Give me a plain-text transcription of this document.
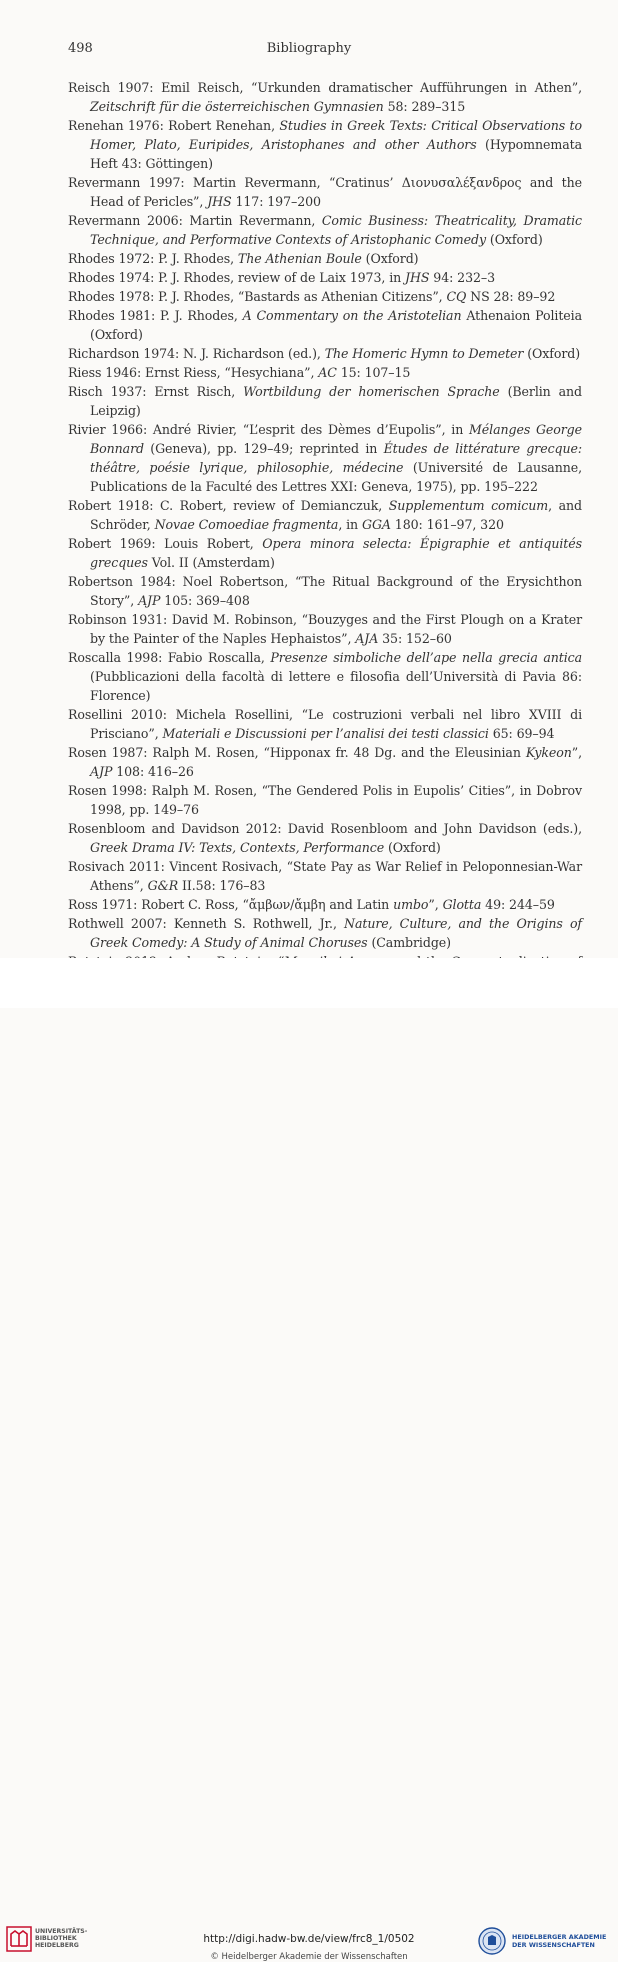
498	Bibliography

Reisch 1907: Emil Reisch, “Urkunden dramatischer Aufführungen in Athen”, Zeitschrift für die österreichischen Gymnasien 58: 289–315

Renehan 1976: Robert Renehan, Studies in Greek Texts: Critical Observations to Homer, Plato, Euripides, Aristophanes and other Authors (Hypomnemata Heft 43: Göttingen)

Revermann 1997: Martin Revermann, “Cratinus’ Διονυσαλέξανδρος and the Head of Pericles”, JHS 117: 197–200

Revermann 2006: Martin Revermann, Comic Business: Theatricality, Dramatic Technique, and Performative Contexts of Aristophanic Comedy (Oxford)

Rhodes 1972: P. J. Rhodes, The Athenian Boule (Oxford)

Rhodes 1974: P. J. Rhodes, review of de Laix 1973, in JHS 94: 232–3

Rhodes 1978: P. J. Rhodes, “Bastards as Athenian Citizens”, CQ NS 28: 89–92

Rhodes 1981: P. J. Rhodes, A Commentary on the Aristotelian Athenaion Politeia (Oxford)

Richardson 1974: N. J. Richardson (ed.), The Homeric Hymn to Demeter (Oxford)

Riess 1946: Ernst Riess, “Hesychiana”, AC 15: 107–15

Risch 1937: Ernst Risch, Wortbildung der homerischen Sprache (Berlin and Leipzig)

Rivier 1966: André Rivier, “L’esprit des Dèmes d’Eupolis”, in Mélanges George Bonnard (Geneva), pp. 129–49; reprinted in Études de littérature grecque: théâtre, poésie lyrique, philosophie, médecine (Université de Lausanne, Publications de la Faculté des Lettres XXI: Geneva, 1975), pp. 195–222

Robert 1918: C. Robert, review of Demianczuk, Supplementum comicum, and Schröder, Novae Comoediae fragmenta, in GGA 180: 161–97, 320

Robert 1969: Louis Robert, Opera minora selecta: Épigraphie et antiquités grecques Vol. II (Amsterdam)

Robertson 1984: Noel Robertson, “The Ritual Background of the Erysichthon Story”, AJP 105: 369–408

Robinson 1931: David M. Robinson, “Bouzyges and the First Plough on a Krater by the Painter of the Naples Hephaistos”, AJA 35: 152–60

Roscalla 1998: Fabio Roscalla, Presenze simboliche dell’ape nella grecia antica (Pubblicazioni della facoltà di lettere e filosofia dell’Università di Pavia 86: Florence)

Rosellini 2010: Michela Rosellini, “Le costruzioni verbali nel libro XVIII di Prisciano”, Materiali e Discussioni per l’analisi dei testi classici 65: 69–94

Rosen 1987: Ralph M. Rosen, “Hipponax fr. 48 Dg. and the Eleusinian Kykeon”, AJP 108: 416–26

Rosen 1998: Ralph M. Rosen, “The Gendered Polis in Eupolis’ Cities”, in Dobrov 1998, pp. 149–76

Rosenbloom and Davidson 2012: David Rosenbloom and John Davidson (eds.), Greek Drama IV: Texts, Contexts, Performance (Oxford)

Rosivach 2011: Vincent Rosivach, “State Pay as War Relief in Peloponnesian-War Athens”, G&R II.58: 176–83

Ross 1971: Robert C. Ross, “ἄμβων/ἄμβη and Latin umbo”, Glotta 49: 244–59

Rothwell 2007: Kenneth S. Rothwell, Jr., Nature, Culture, and the Origins of Greek Comedy: A Study of Animal Choruses (Cambridge)

UNIVERSITÄTS-
BIBLIOTHEK
HEIDELBERG
http://digi.hadw-bw.de/view/frc8_1/0502
© Heidelberger Akademie der Wissenschaften
HEIDELBERGER AKADEMIE
DER WISSENSCHAFTEN
